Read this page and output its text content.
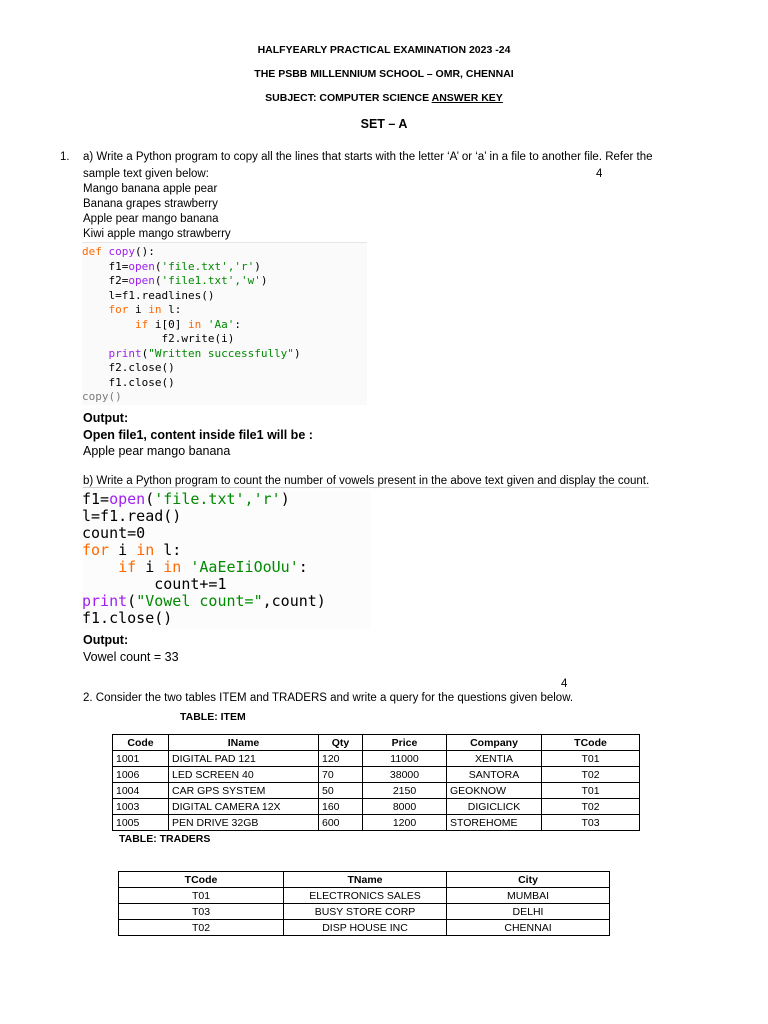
HALFYEARLY PRACTICAL EXAMINATION 2023 -24
THE PSBB MILLENNIUM SCHOOL – OMR, CHENNAI
SUBJECT: COMPUTER SCIENCE ANSWER KEY
SET – A
1. a) Write a Python program to copy all the lines that starts with the letter ‘A’ or ‘a’ in a file to another file. Refer the
sample text given below:	4
Mango banana apple pear
Banana grapes strawberry
Apple pear mango banana
Kiwi apple mango strawberry

def copy():

f1=open('file.txt','r')

f2=open('file1.txt','w')

l=f1.readlines()

for i in l:

if i[0] in 'Aa':

f2.write(i)

print("Written successfully")

f2.close()

f1.close()

copy()

Output:
Open file1, content inside file1 will be :
Apple pear mango banana
b) Write a Python program to count the number of vowels present in the above text given and display the count.

f1=open('file.txt','r')

l=f1.read()

count=0

for i in l:

if i in 'AaEeIiOoUu':

count+=1

print("Vowel count=",count)

f1.close()

Output:
Vowel count = 33
4
2. Consider the two tables ITEM and TRADERS and write a query for the questions given below.
TABLE: ITEM
Code	IName	Qty	Price	Company	TCode
1001	DIGITAL PAD 121	120	11000	XENTIA	T01
1006	LED SCREEN 40	70	38000	SANTORA	T02
1004	CAR GPS SYSTEM	50	2150	GEOKNOW	T01
1003	DIGITAL CAMERA 12X	160	8000	DIGICLICK	T02
1005	PEN DRIVE 32GB	600	1200	STOREHOME	T03
TABLE: TRADERS
TCode	TName	City
T01	ELECTRONICS SALES	MUMBAI
T03	BUSY STORE CORP	DELHI
T02	DISP HOUSE INC	CHENNAI
